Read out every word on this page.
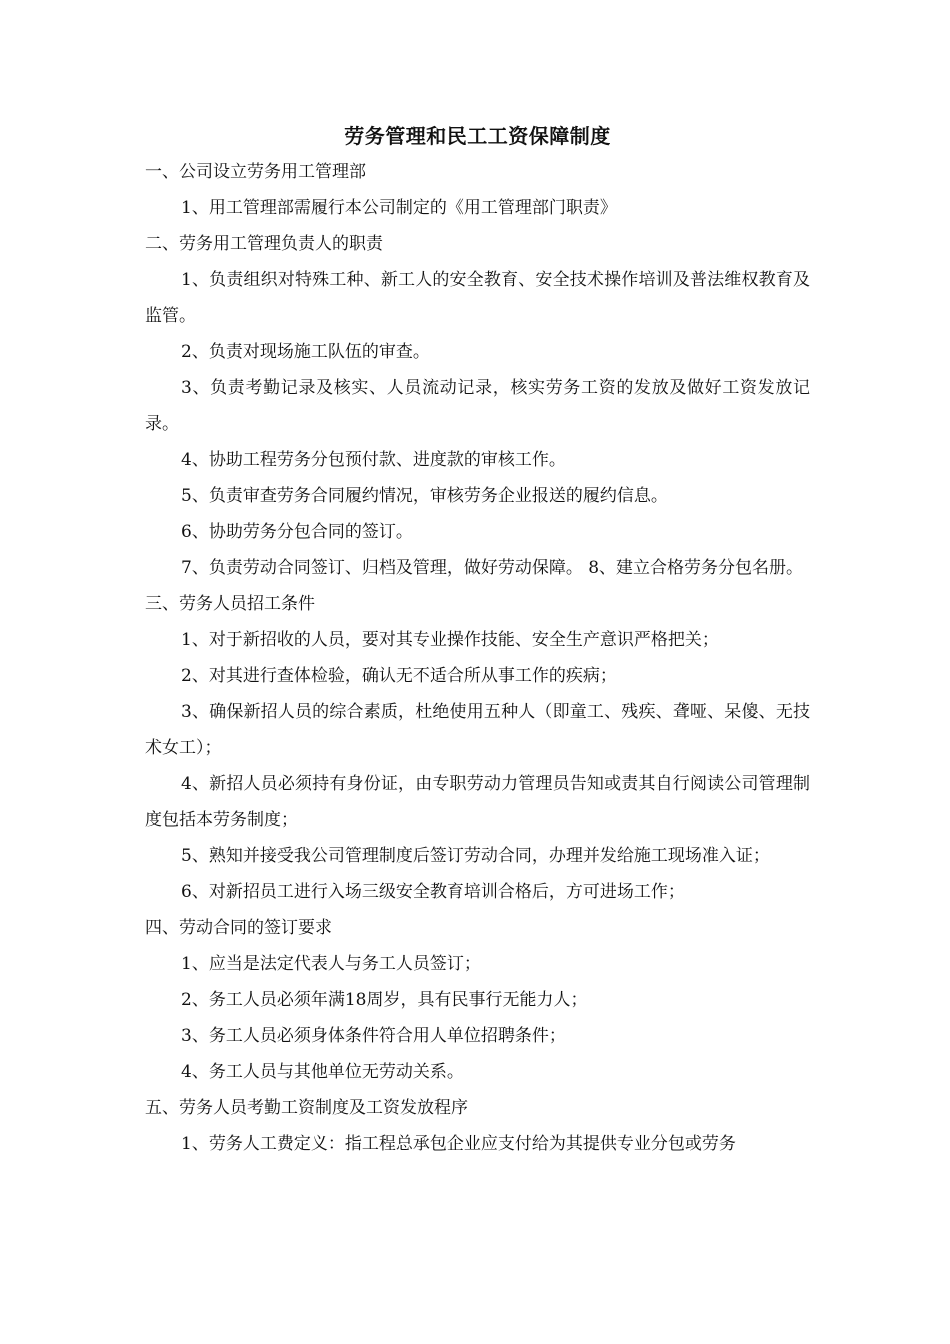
劳务管理和民工工资保障制度
一、公司设立劳务用工管理部
1、用工管理部需履行本公司制定的《用工管理部门职责》
二、劳务用工管理负责人的职责
1、负责组织对特殊工种、新工人的安全教育、安全技术操作培训及普法维权教育及监管。
2、负责对现场施工队伍的审查。
3、负责考勤记录及核实、人员流动记录，核实劳务工资的发放及做好工资发放记录。
4、协助工程劳务分包预付款、进度款的审核工作。
5、负责审查劳务合同履约情况，审核劳务企业报送的履约信息。
6、协助劳务分包合同的签订。
7、负责劳动合同签订、归档及管理，做好劳动保障。 8、建立合格劳务分包名册。
三、劳务人员招工条件
1、对于新招收的人员，要对其专业操作技能、安全生产意识严格把关；
2、对其进行查体检验，确认无不适合所从事工作的疾病；
3、确保新招人员的综合素质，杜绝使用五种人（即童工、残疾、聋哑、呆傻、无技术女工）；
4、新招人员必须持有身份证，由专职劳动力管理员告知或责其自行阅读公司管理制度包括本劳务制度；
5、熟知并接受我公司管理制度后签订劳动合同，办理并发给施工现场准入证；
6、对新招员工进行入场三级安全教育培训合格后，方可进场工作；
四、劳动合同的签订要求
1、应当是法定代表人与务工人员签订；
2、务工人员必须年满18周岁，具有民事行无能力人；
3、务工人员必须身体条件符合用人单位招聘条件；
4、务工人员与其他单位无劳动关系。
五、劳务人员考勤工资制度及工资发放程序
1、劳务人工费定义：指工程总承包企业应支付给为其提供专业分包或劳务
